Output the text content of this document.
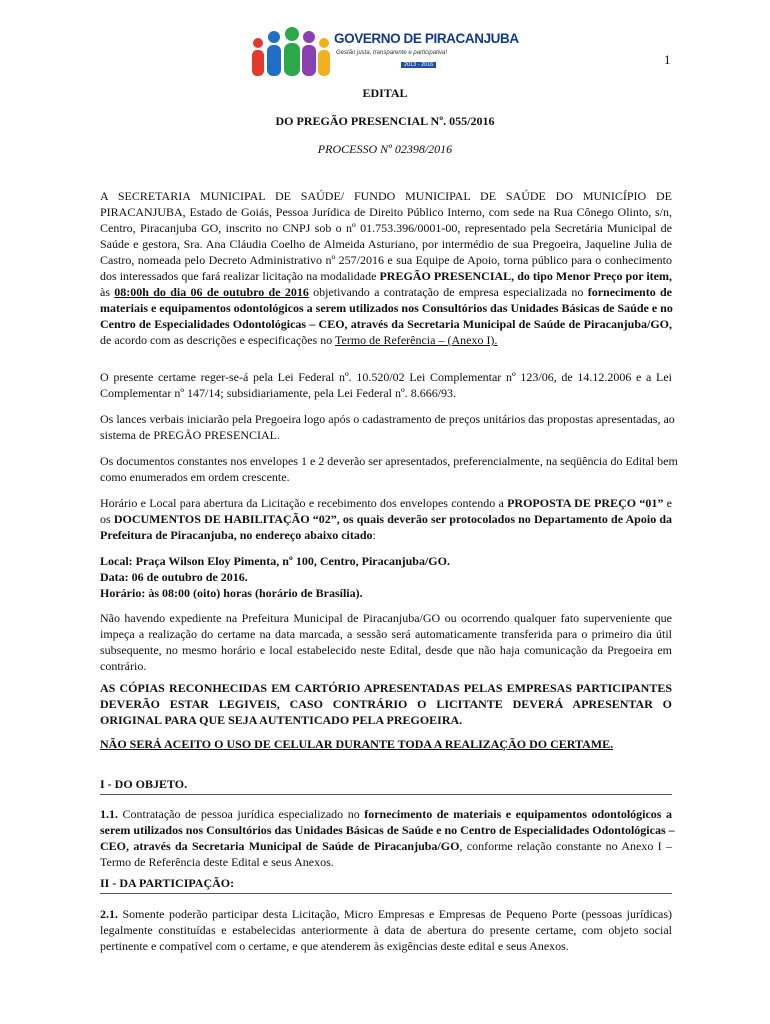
GOVERNO DE PIRACANJUBA
Gestão justa, transparente e participativa!
2013 - 2016	1
EDITAL
DO PREGÃO PRESENCIAL Nº. 055/2016
PROCESSO Nº 02398/2016
A SECRETARIA MUNICIPAL DE SAÚDE/ FUNDO MUNICIPAL DE SAÚDE DO MUNICÍPIO DE
PIRACANJUBA, Estado de Goiás, Pessoa Jurídica de Direito Público Interno, com sede na Rua Cônego Olinto, s/n,
Centro, Piracanjuba GO, inscrito no CNPJ sob o nº 01.753.396/0001-00, representado pela Secretária Municipal de
Saúde e gestora, Sra. Ana Cláudia Coelho de Almeida Asturiano, por intermédio de sua Pregoeira, Jaqueline Julia de
Castro, nomeada pelo Decreto Administrativo nº 257/2016 e sua Equipe de Apoio, torna público para o conhecimento
dos interessados que fará realizar licitação na modalidade PREGÃO PRESENCIAL, do tipo Menor Preço por item,
às 08:00h do dia 06 de outubro de 2016 objetivando a contratação de empresa especializada no fornecimento de
materiais e equipamentos odontológicos a serem utilizados nos Consultórios das Unidades Básicas de Saúde e no
Centro de Especialidades Odontológicas – CEO, através da Secretaria Municipal de Saúde de Piracanjuba/GO,
de acordo com as descrições e especificações no Termo de Referência – (Anexo I).
O presente certame reger-se-á pela Lei Federal nº. 10.520/02 Lei Complementar nº 123/06, de 14.12.2006 e a Lei
Complementar nº 147/14; subsidiariamente, pela Lei Federal nº. 8.666/93.
Os lances verbais iniciarão pela Pregoeira logo após o cadastramento de preços unitários das propostas apresentadas, ao
sistema de PREGÃO PRESENCIAL.
Os documentos constantes nos envelopes 1 e 2 deverão ser apresentados, preferencialmente, na seqüência do Edital bem
como enumerados em ordem crescente.
Horário e Local para abertura da Licitação e recebimento dos envelopes contendo a PROPOSTA DE PREÇO “01” e
os DOCUMENTOS DE HABILITAÇÃO “02”, os quais deverão ser protocolados no Departamento de Apoio da
Prefeitura de Piracanjuba, no endereço abaixo citado:
Local: Praça Wilson Eloy Pimenta, nº 100, Centro, Piracanjuba/GO.
Data: 06 de outubro de 2016.
Horário: às 08:00 (oito) horas (horário de Brasília).
Não havendo expediente na Prefeitura Municipal de Piracanjuba/GO ou ocorrendo qualquer fato superveniente que
impeça a realização do certame na data marcada, a sessão será automaticamente transferida para o primeiro dia útil
subsequente, no mesmo horário e local estabelecido neste Edital, desde que não haja comunicação da Pregoeira em
contrário.
AS CÓPIAS RECONHECIDAS EM CARTÓRIO APRESENTADAS PELAS EMPRESAS PARTICIPANTES
DEVERÃO ESTAR LEGIVEIS, CASO CONTRÁRIO O LICITANTE DEVERÁ APRESENTAR O
ORIGINAL PARA QUE SEJA AUTENTICADO PELA PREGOEIRA.
NÃO SERÁ ACEITO O USO DE CELULAR DURANTE TODA A REALIZAÇÃO DO CERTAME.
I - DO OBJETO.
1.1. Contratação de pessoa jurídica especializado no fornecimento de materiais e equipamentos odontológicos a
serem utilizados nos Consultórios das Unidades Básicas de Saúde e no Centro de Especialidades Odontológicas –
CEO, através da Secretaria Municipal de Saúde de Piracanjuba/GO, conforme relação constante no Anexo I –
Termo de Referência deste Edital e seus Anexos.
II - DA PARTICIPAÇÃO:
2.1. Somente poderão participar desta Licitação, Micro Empresas e Empresas de Pequeno Porte (pessoas jurídicas)
legalmente constituídas e estabelecidas anteriormente à data de abertura do presente certame, com objeto social
pertinente e compatível com o certame, e que atenderem às exigências deste edital e seus Anexos.
